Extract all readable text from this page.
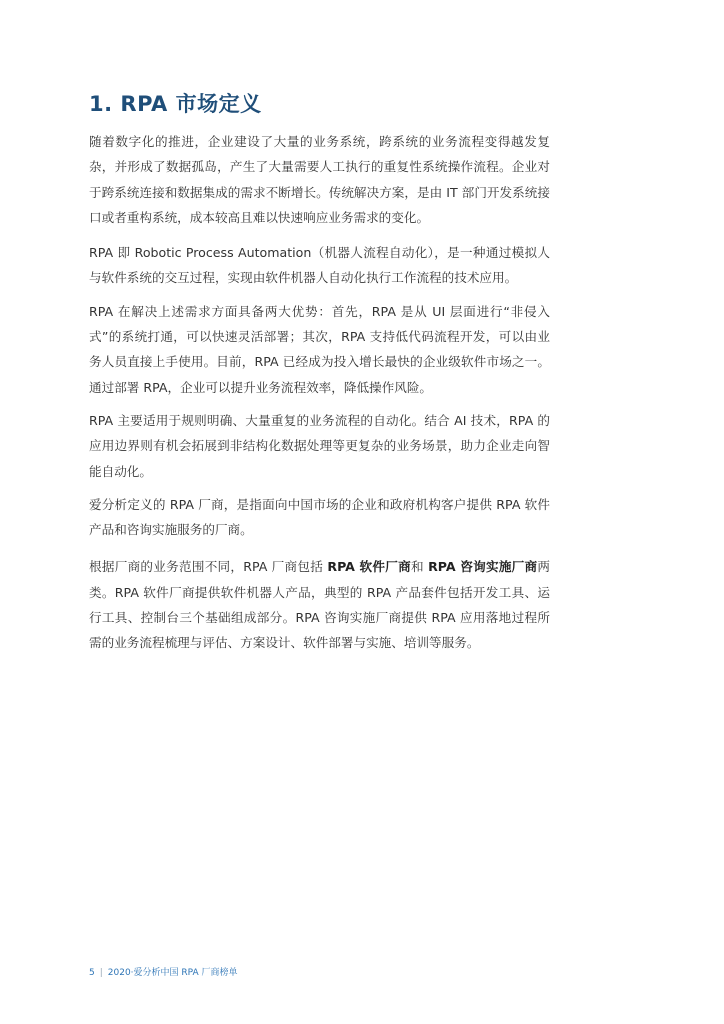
1. RPA 市场定义

随着数字化的推进，企业建设了大量的业务系统，跨系统的业务流程变得越发复杂，并形成了数据孤岛，产生了大量需要人工执行的重复性系统操作流程。企业对于跨系统连接和数据集成的需求不断增长。传统解决方案，是由 IT 部门开发系统接口或者重构系统，成本较高且难以快速响应业务需求的变化。

RPA 即 Robotic Process Automation（机器人流程自动化），是一种通过模拟人与软件系统的交互过程，实现由软件机器人自动化执行工作流程的技术应用。

RPA 在解决上述需求方面具备两大优势：首先，RPA 是从 UI 层面进行“非侵入式”的系统打通，可以快速灵活部署；其次，RPA 支持低代码流程开发，可以由业务人员直接上手使用。目前，RPA 已经成为投入增长最快的企业级软件市场之一。通过部署 RPA，企业可以提升业务流程效率，降低操作风险。

RPA 主要适用于规则明确、大量重复的业务流程的自动化。结合 AI 技术，RPA 的应用边界则有机会拓展到非结构化数据处理等更复杂的业务场景，助力企业走向智能自动化。

爱分析定义的 RPA 厂商，是指面向中国市场的企业和政府机构客户提供 RPA 软件产品和咨询实施服务的厂商。

根据厂商的业务范围不同，RPA 厂商包括 RPA 软件厂商和 RPA 咨询实施厂商两类。RPA 软件厂商提供软件机器人产品，典型的 RPA 产品套件包括开发工具、运行工具、控制台三个基础组成部分。RPA 咨询实施厂商提供 RPA 应用落地过程所需的业务流程梳理与评估、方案设计、软件部署与实施、培训等服务。

5 | 2020·爱分析中国 RPA 厂商榜单
